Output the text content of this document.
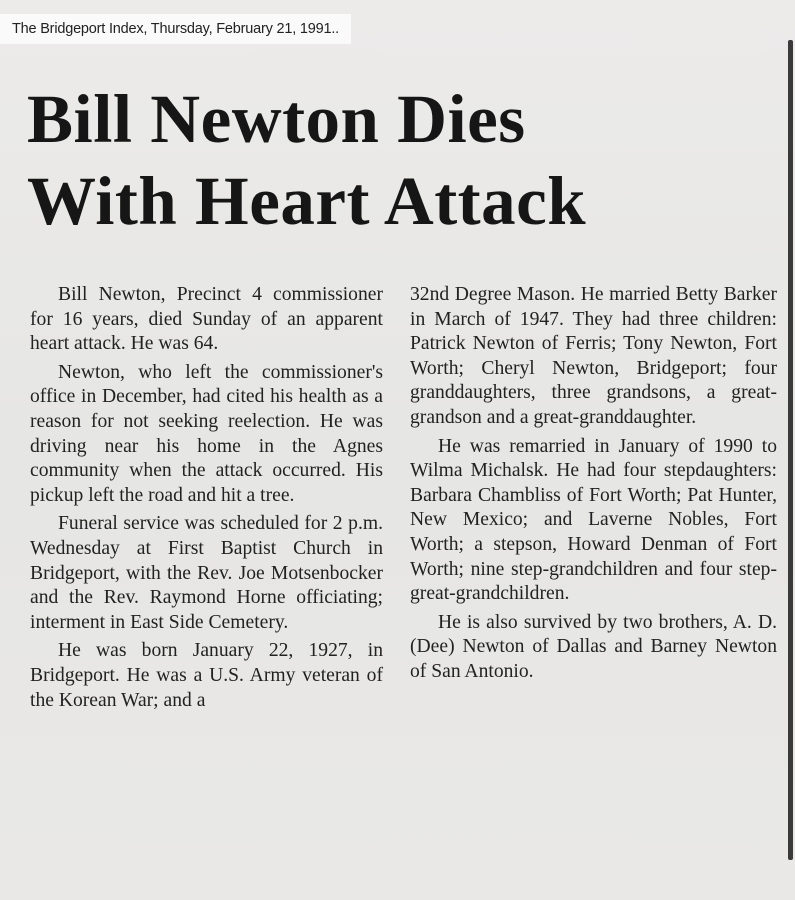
The Bridgeport Index, Thursday, February 21, 1991..
Bill Newton Dies
With Heart Attack

Bill Newton, Precinct 4 commissioner for 16 years, died Sunday of an apparent heart attack. He was 64.

Newton, who left the commissioner's office in December, had cited his health as a reason for not seeking reelection. He was driving near his home in the Agnes community when the attack occurred. His pickup left the road and hit a tree.

Funeral service was scheduled for 2 p.m. Wednesday at First Baptist Church in Bridgeport, with the Rev. Joe Motsenbocker and the Rev. Raymond Horne officiating; interment in East Side Cemetery.

He was born January 22, 1927, in Bridgeport. He was a U.S. Army veteran of the Korean War; and a

32nd Degree Mason. He married Betty Barker in March of 1947. They had three children: Patrick Newton of Ferris; Tony Newton, Fort Worth; Cheryl Newton, Bridgeport; four granddaughters, three grandsons, a great-grandson and a great-granddaughter.

He was remarried in January of 1990 to Wilma Michalsk. He had four stepdaughters: Barbara Chambliss of Fort Worth; Pat Hunter, New Mexico; and Laverne Nobles, Fort Worth; a stepson, Howard Denman of Fort Worth; nine step-grandchildren and four step-great-grandchildren.

He is also survived by two brothers, A. D. (Dee) Newton of Dallas and Barney Newton of San Antonio.
